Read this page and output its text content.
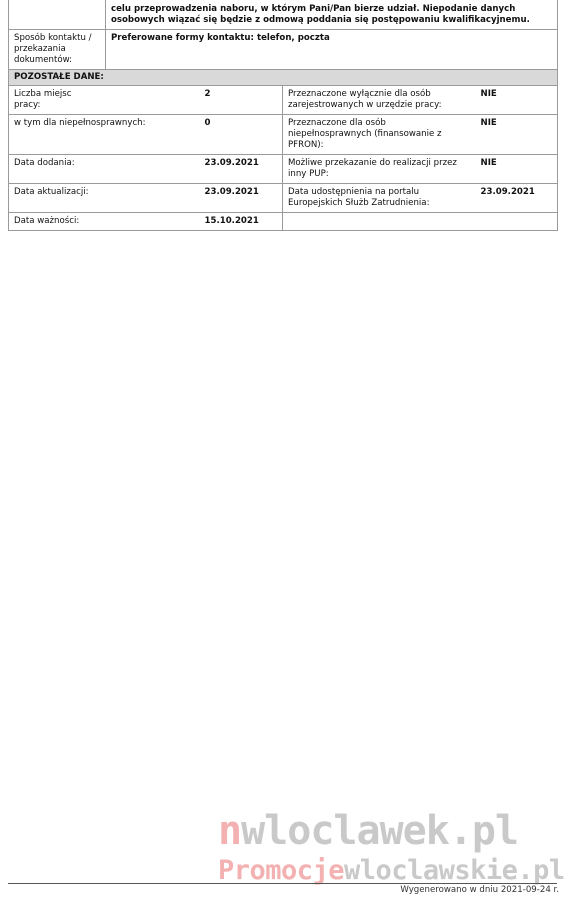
	celu przeprowadzenia naboru, w którym Pani/Pan bierze udział. Niepodanie danych osobowych wiązać się będzie z odmową poddania się postępowaniu kwalifikacyjnemu.		
Sposób kontaktu / przekazania dokumentów:	Preferowane formy kontaktu: telefon, poczta		
POZOSTAŁE DANE:			
Liczba miejsc pracy:	2	Przeznaczone wyłącznie dla osób zarejestrowanych w urzędzie pracy:	NIE
w tym dla niepełnosprawnych:	0	Przeznaczone dla osób niepełnosprawnych (finansowanie z PFRON):	NIE
Data dodania:	23.09.2021	Możliwe przekazanie do realizacji przez inny PUP:	NIE
Data aktualizacji:	23.09.2021	Data udostępnienia na portalu Europejskich Służb Zatrudnienia:	23.09.2021
Data ważności:	15.10.2021		
nwloclawek.pl
Promocjewloclawskie.pl
Wygenerowano w dniu 2021-09-24 r.
